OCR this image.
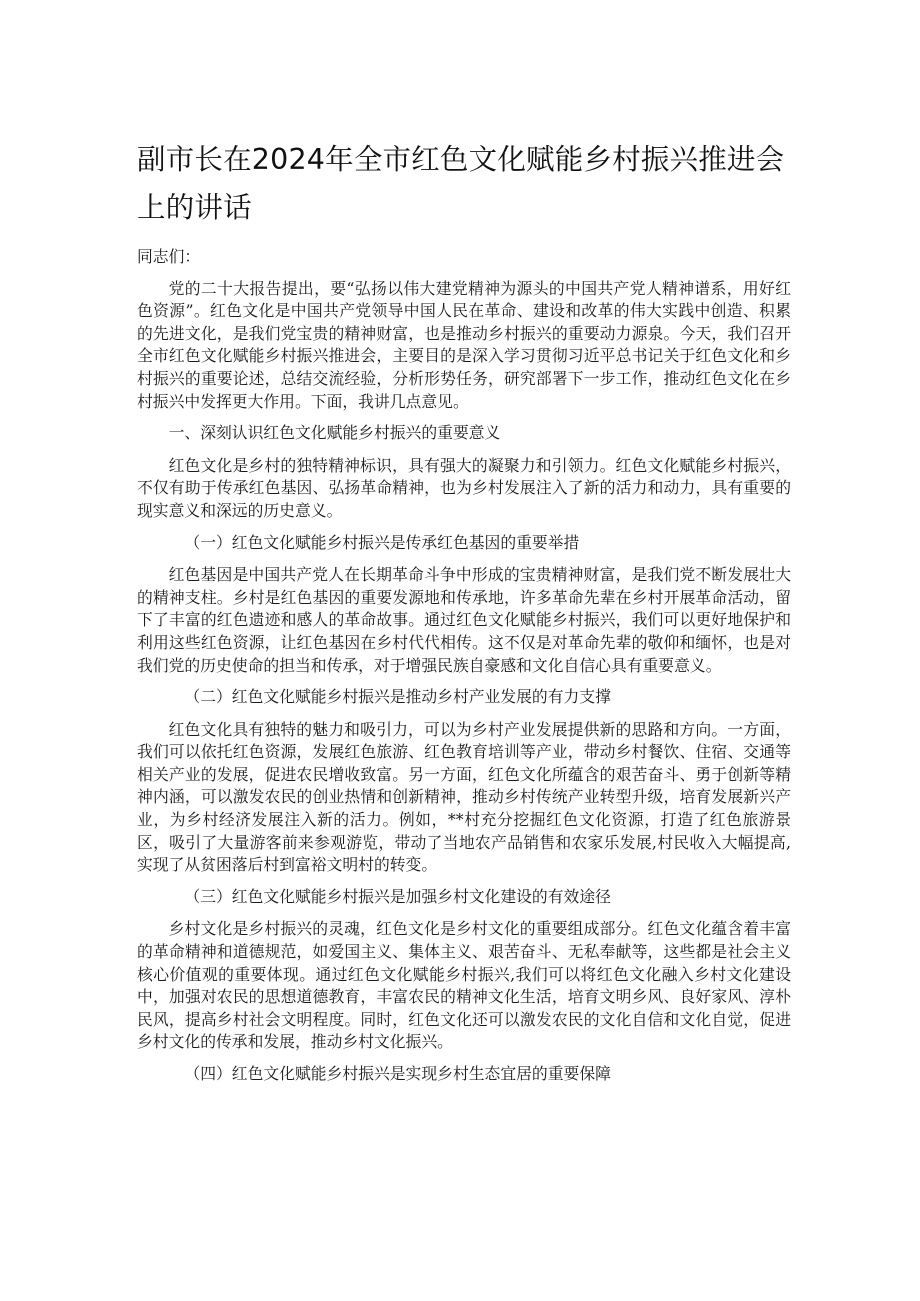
副市长在2024年全市红色文化赋能乡村振兴推进会上的讲话

同志们：

党的二十大报告提出，要“弘扬以伟大建党精神为源头的中国共产党人精神谱系，用好红色资源”。红色文化是中国共产党领导中国人民在革命、建设和改革的伟大实践中创造、积累的先进文化，是我们党宝贵的精神财富，也是推动乡村振兴的重要动力源泉。今天，我们召开全市红色文化赋能乡村振兴推进会，主要目的是深入学习贯彻习近平总书记关于红色文化和乡村振兴的重要论述，总结交流经验，分析形势任务，研究部署下一步工作，推动红色文化在乡村振兴中发挥更大作用。下面，我讲几点意见。

一、深刻认识红色文化赋能乡村振兴的重要意义

红色文化是乡村的独特精神标识，具有强大的凝聚力和引领力。红色文化赋能乡村振兴，不仅有助于传承红色基因、弘扬革命精神，也为乡村发展注入了新的活力和动力，具有重要的现实意义和深远的历史意义。

（一）红色文化赋能乡村振兴是传承红色基因的重要举措

红色基因是中国共产党人在长期革命斗争中形成的宝贵精神财富，是我们党不断发展壮大的精神支柱。乡村是红色基因的重要发源地和传承地，许多革命先辈在乡村开展革命活动，留下了丰富的红色遗迹和感人的革命故事。通过红色文化赋能乡村振兴，我们可以更好地保护和利用这些红色资源，让红色基因在乡村代代相传。这不仅是对革命先辈的敬仰和缅怀，也是对我们党的历史使命的担当和传承，对于增强民族自豪感和文化自信心具有重要意义。

（二）红色文化赋能乡村振兴是推动乡村产业发展的有力支撑

红色文化具有独特的魅力和吸引力，可以为乡村产业发展提供新的思路和方向。一方面，我们可以依托红色资源，发展红色旅游、红色教育培训等产业，带动乡村餐饮、住宿、交通等相关产业的发展，促进农民增收致富。另一方面，红色文化所蕴含的艰苦奋斗、勇于创新等精神内涵，可以激发农民的创业热情和创新精神，推动乡村传统产业转型升级，培育发展新兴产业，为乡村经济发展注入新的活力。例如，**村充分挖掘红色文化资源，打造了红色旅游景区，吸引了大量游客前来参观游览，带动了当地农产品销售和农家乐发展,村民收入大幅提高,实现了从贫困落后村到富裕文明村的转变。

（三）红色文化赋能乡村振兴是加强乡村文化建设的有效途径

乡村文化是乡村振兴的灵魂，红色文化是乡村文化的重要组成部分。红色文化蕴含着丰富的革命精神和道德规范，如爱国主义、集体主义、艰苦奋斗、无私奉献等，这些都是社会主义核心价值观的重要体现。通过红色文化赋能乡村振兴,我们可以将红色文化融入乡村文化建设中，加强对农民的思想道德教育，丰富农民的精神文化生活，培育文明乡风、良好家风、淳朴民风，提高乡村社会文明程度。同时，红色文化还可以激发农民的文化自信和文化自觉，促进乡村文化的传承和发展，推动乡村文化振兴。

（四）红色文化赋能乡村振兴是实现乡村生态宜居的重要保障
